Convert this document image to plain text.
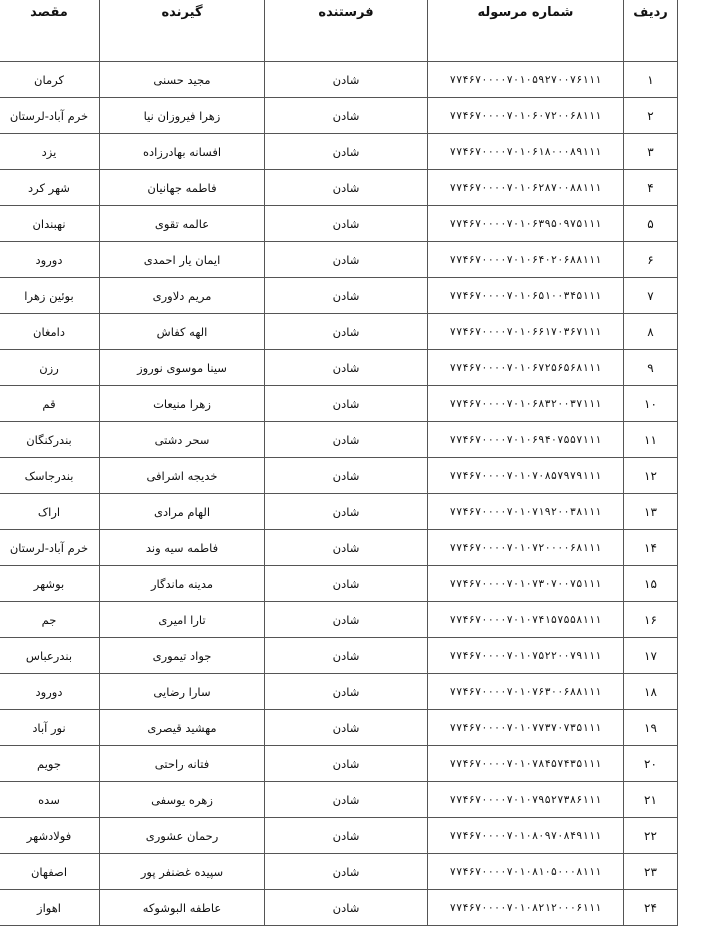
ردیف	شماره مرسوله	فرستنده	گیرنده	مقصد
۱	۷۷۴۶۷۰۰۰۰۷۰۱۰۵۹۲۷۰۰۷۶۱۱۱	شادن	مجید حسنی	کرمان
۲	۷۷۴۶۷۰۰۰۰۷۰۱۰۶۰۷۲۰۰۶۸۱۱۱	شادن	زهرا فیروزان نیا	خرم آباد-لرستان
۳	۷۷۴۶۷۰۰۰۰۷۰۱۰۶۱۸۰۰۰۸۹۱۱۱	شادن	افسانه بهادرزاده	یزد
۴	۷۷۴۶۷۰۰۰۰۷۰۱۰۶۲۸۷۰۰۸۸۱۱۱	شادن	فاطمه جهانیان	شهر کرد
۵	۷۷۴۶۷۰۰۰۰۷۰۱۰۶۳۹۵۰۹۷۵۱۱۱	شادن	عالمه تقوی	نهبندان
۶	۷۷۴۶۷۰۰۰۰۷۰۱۰۶۴۰۲۰۶۸۸۱۱۱	شادن	ایمان یار احمدی	دورود
۷	۷۷۴۶۷۰۰۰۰۷۰۱۰۶۵۱۰۰۳۴۵۱۱۱	شادن	مریم دلاوری	بوئین زهرا
۸	۷۷۴۶۷۰۰۰۰۷۰۱۰۶۶۱۷۰۳۶۷۱۱۱	شادن	الهه کفاش	دامغان
۹	۷۷۴۶۷۰۰۰۰۷۰۱۰۶۷۲۵۶۵۶۸۱۱۱	شادن	سینا موسوی نوروز	رزن
۱۰	۷۷۴۶۷۰۰۰۰۷۰۱۰۶۸۳۲۰۰۳۷۱۱۱	شادن	زهرا منیعات	قم
۱۱	۷۷۴۶۷۰۰۰۰۷۰۱۰۶۹۴۰۷۵۵۷۱۱۱	شادن	سحر دشتی	بندرکنگان
۱۲	۷۷۴۶۷۰۰۰۰۷۰۱۰۷۰۸۵۷۹۷۹۱۱۱	شادن	خدیجه اشرافی	بندرجاسک
۱۳	۷۷۴۶۷۰۰۰۰۷۰۱۰۷۱۹۲۰۰۳۸۱۱۱	شادن	الهام مرادی	اراک
۱۴	۷۷۴۶۷۰۰۰۰۷۰۱۰۷۲۰۰۰۰۶۸۱۱۱	شادن	فاطمه سیه وند	خرم آباد-لرستان
۱۵	۷۷۴۶۷۰۰۰۰۷۰۱۰۷۳۰۷۰۰۷۵۱۱۱	شادن	مدینه ماندگار	بوشهر
۱۶	۷۷۴۶۷۰۰۰۰۷۰۱۰۷۴۱۵۷۵۵۸۱۱۱	شادن	تارا امیری	جم
۱۷	۷۷۴۶۷۰۰۰۰۷۰۱۰۷۵۲۲۰۰۷۹۱۱۱	شادن	جواد تیموری	بندرعباس
۱۸	۷۷۴۶۷۰۰۰۰۷۰۱۰۷۶۳۰۰۶۸۸۱۱۱	شادن	سارا رضایی	دورود
۱۹	۷۷۴۶۷۰۰۰۰۷۰۱۰۷۷۳۷۰۷۳۵۱۱۱	شادن	مهشید قیصری	نور آباد
۲۰	۷۷۴۶۷۰۰۰۰۷۰۱۰۷۸۴۵۷۴۳۵۱۱۱	شادن	فتانه راحتی	جویم
۲۱	۷۷۴۶۷۰۰۰۰۷۰۱۰۷۹۵۲۷۳۸۶۱۱۱	شادن	زهره یوسفی	سده
۲۲	۷۷۴۶۷۰۰۰۰۷۰۱۰۸۰۹۷۰۸۴۹۱۱۱	شادن	رحمان عشوری	فولادشهر
۲۳	۷۷۴۶۷۰۰۰۰۷۰۱۰۸۱۰۵۰۰۰۸۱۱۱	شادن	سپیده غضنفر پور	اصفهان
۲۴	۷۷۴۶۷۰۰۰۰۷۰۱۰۸۲۱۲۰۰۰۶۱۱۱	شادن	عاطفه البوشوکه	اهواز
